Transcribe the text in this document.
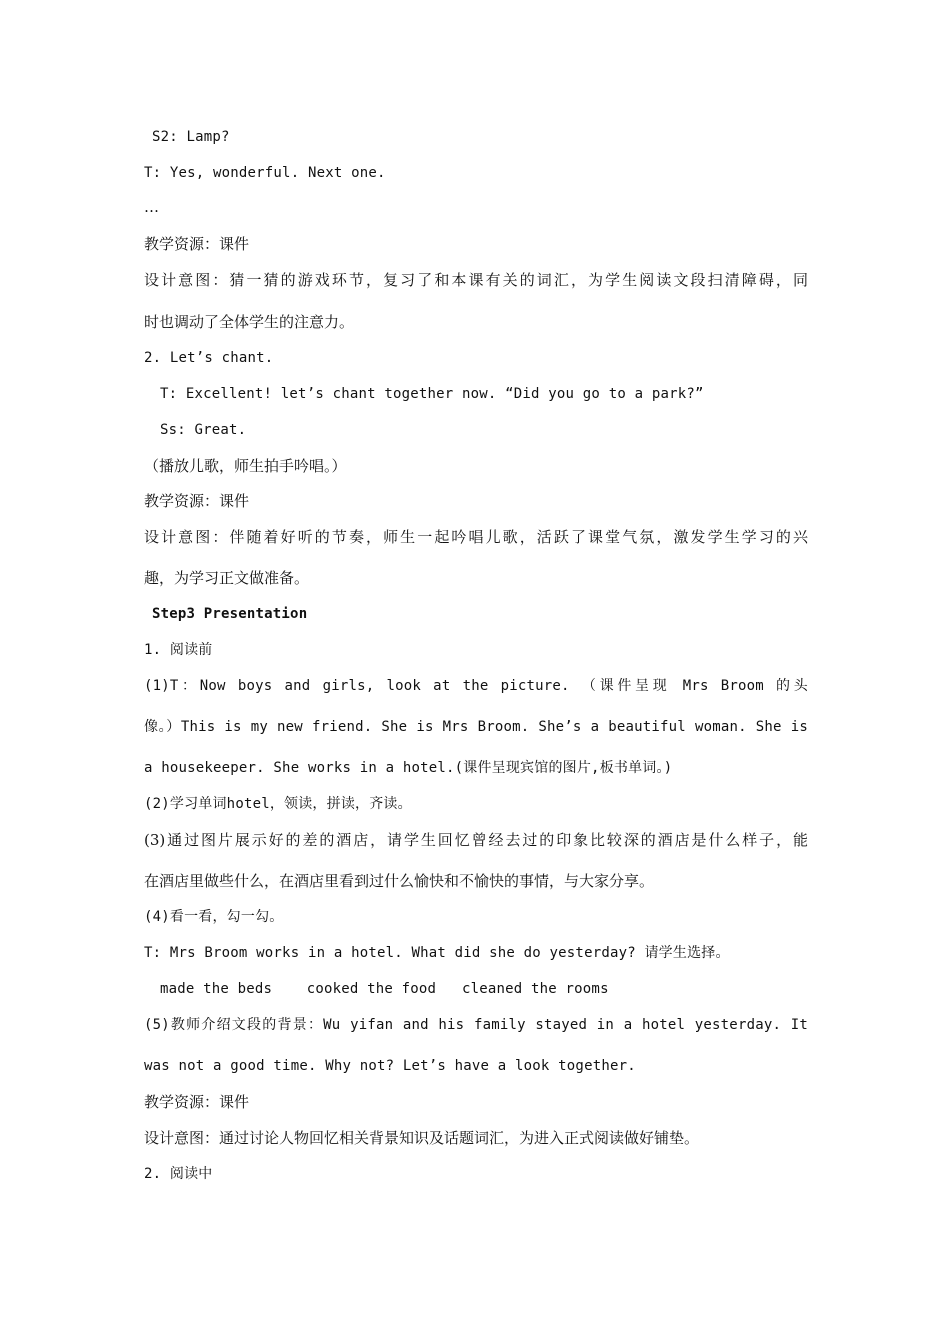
S2: Lamp?
T: Yes, wonderful. Next one.
…
教学资源：课件
设计意图：猜一猜的游戏环节，复习了和本课有关的词汇，为学生阅读文段扫清障碍，同
时也调动了全体学生的注意力。
2. Let’s chant.
T: Excellent! let’s chant together now. “Did you go to a park?”
Ss: Great.
（播放儿歌，师生拍手吟唱。）
教学资源：课件
设计意图：伴随着好听的节奏，师生一起吟唱儿歌，活跃了课堂气氛，激发学生学习的兴
趣，为学习正文做准备。
Step3 Presentation
1. 阅读前
(1)T：Now boys and girls, look at the picture. （课件呈现 Mrs Broom 的头
像。）This is my new friend. She is Mrs Broom. She’s a beautiful woman. She is
a housekeeper. She works in a hotel.(课件呈现宾馆的图片,板书单词。)
(2)学习单词hotel，领读，拼读，齐读。
(3)通过图片展示好的差的酒店，请学生回忆曾经去过的印象比较深的酒店是什么样子，能
在酒店里做些什么，在酒店里看到过什么愉快和不愉快的事情，与大家分享。
(4)看一看，勾一勾。
T: Mrs Broom works in a hotel. What did she do yesterday? 请学生选择。
made the beds    cooked the food   cleaned the rooms
(5)教师介绍文段的背景：Wu yifan and his family stayed in a hotel yesterday. It
was not a good time. Why not? Let’s have a look together.
教学资源：课件
设计意图：通过讨论人物回忆相关背景知识及话题词汇，为进入正式阅读做好铺垫。
2. 阅读中
